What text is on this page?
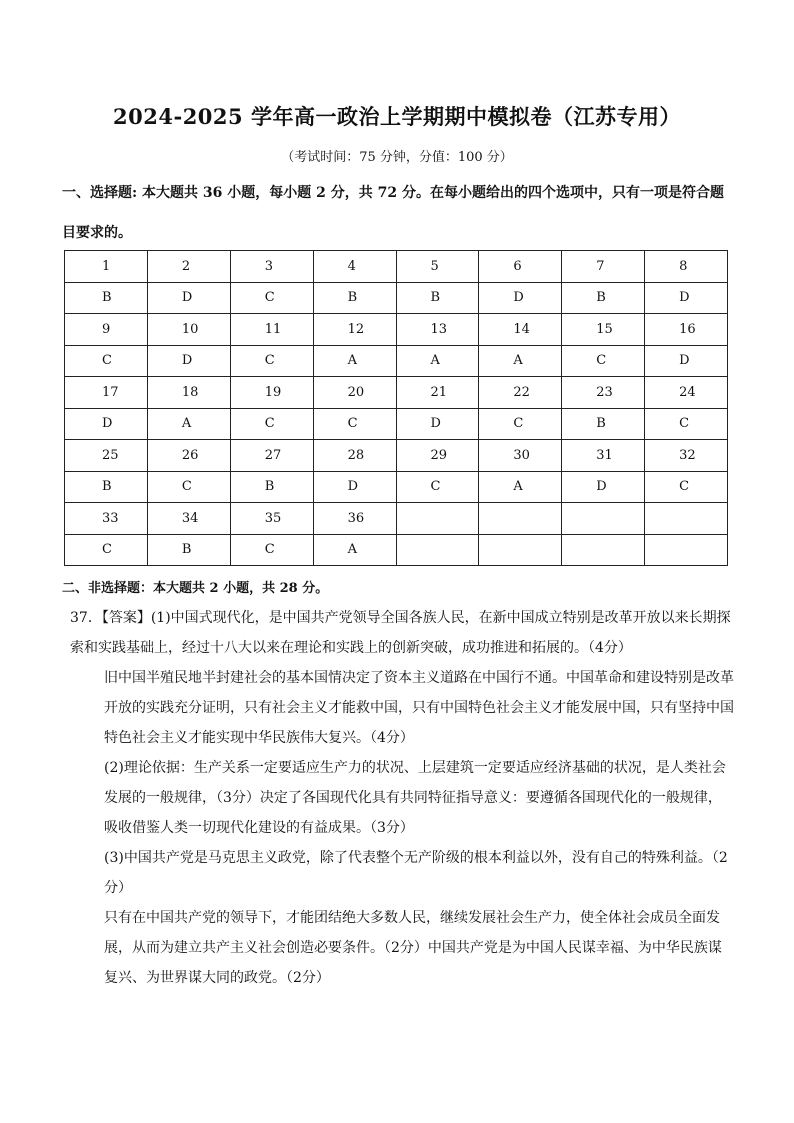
2024-2025 学年高一政治上学期期中模拟卷（江苏专用）
（考试时间：75 分钟，分值：100 分）
一、选择题: 本大题共 36 小题，每小题 2 分，共 72 分。在每小题给出的四个选项中，只有一项是符合题目要求的。
1	2	3	4	5	6	7	8
B	D	C	B	B	D	B	D
9	10	11	12	13	14	15	16
C	D	C	A	A	A	C	D
17	18	19	20	21	22	23	24
D	A	C	C	D	C	B	C
25	26	27	28	29	30	31	32
B	C	B	D	C	A	D	C
33	34	35	36				
C	B	C	A				
二、非选择题：本大题共 2 小题，共 28 分。

37．【答案】(1)中国式现代化，是中国共产党领导全国各族人民，在新中国成立特别是改革开放以来长期探索和实践基础上，经过十八大以来在理论和实践上的创新突破，成功推进和拓展的。（4分）

旧中国半殖民地半封建社会的基本国情决定了资本主义道路在中国行不通。中国革命和建设特别是改革开放的实践充分证明，只有社会主义才能救中国，只有中国特色社会主义才能发展中国，只有坚持中国特色社会主义才能实现中华民族伟大复兴。（4分）

(2)理论依据：生产关系一定要适应生产力的状况、上层建筑一定要适应经济基础的状况，是人类社会发展的一般规律，（3分）决定了各国现代化具有共同特征指导意义：要遵循各国现代化的一般规律，吸收借鉴人类一切现代化建设的有益成果。（3分）

(3)中国共产党是马克思主义政党，除了代表整个无产阶级的根本利益以外，没有自己的特殊利益。（2分）

只有在中国共产党的领导下，才能团结绝大多数人民，继续发展社会生产力，使全体社会成员全面发展，从而为建立共产主义社会创造必要条件。（2分）中国共产党是为中国人民谋幸福、为中华民族谋复兴、为世界谋大同的政党。（2分）
